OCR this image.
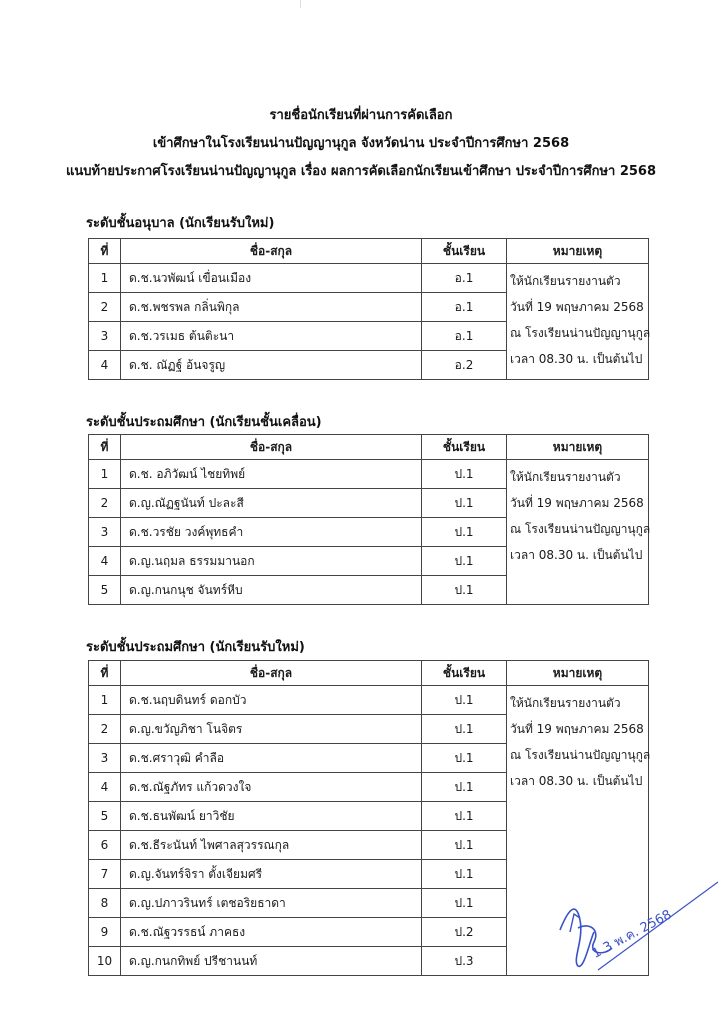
รายชื่อนักเรียนที่ผ่านการคัดเลือก
เข้าศึกษาในโรงเรียนน่านปัญญานุกูล จังหวัดน่าน ประจำปีการศึกษา 2568
แนบท้ายประกาศโรงเรียนน่านปัญญานุกูล เรื่อง ผลการคัดเลือกนักเรียนเข้าศึกษา ประจำปีการศึกษา 2568
ระดับชั้นอนุบาล (นักเรียนรับใหม่)
ที่	ชื่อ-สกุล	ชั้นเรียน	หมายเหตุ
1	ด.ช.นวพัฒน์ เขื่อนเมือง	อ.1	ให้นักเรียนรายงานตัว
วันที่ 19 พฤษภาคม 2568
ณ โรงเรียนน่านปัญญานุกูล
เวลา 08.30 น. เป็นต้นไป

2	ด.ช.พชรพล กลิ่นพิกุล	อ.1	
3	ด.ช.วรเมธ ต้นติะนา	อ.1	
4	ด.ช. ณัฏฐ์ อ้นจรูญ	อ.2	
ระดับชั้นประถมศึกษา (นักเรียนชั้นเคลื่อน)
ที่	ชื่อ-สกุล	ชั้นเรียน	หมายเหตุ
1	ด.ช. อภิวัฒน์ ไชยทิพย์	ป.1	ให้นักเรียนรายงานตัว
วันที่ 19 พฤษภาคม 2568
ณ โรงเรียนน่านปัญญานุกูล
เวลา 08.30 น. เป็นต้นไป

2	ด.ญ.ณัฏฐนันท์ ปะละสี	ป.1	
3	ด.ช.วรชัย วงค์พุทธคำ	ป.1	
4	ด.ญ.นฤมล ธรรมมานอก	ป.1	
5	ด.ญ.กนกนุช จันทร์หีบ	ป.1	
ระดับชั้นประถมศึกษา (นักเรียนรับใหม่)
ที่	ชื่อ-สกุล	ชั้นเรียน	หมายเหตุ
1	ด.ช.นฤบดินทร์ ดอกบัว	ป.1	ให้นักเรียนรายงานตัว
วันที่ 19 พฤษภาคม 2568
ณ โรงเรียนน่านปัญญานุกูล
เวลา 08.30 น. เป็นต้นไป

2	ด.ญ.ขวัญภิชา โนจิตร	ป.1	
3	ด.ช.ศราวุฒิ คำลือ	ป.1	
4	ด.ช.ณัฐภัทร แก้วดวงใจ	ป.1	
5	ด.ช.ธนพัฒน์ ยาวิชัย	ป.1	
6	ด.ช.ธีระนันท์ ไพศาลสุวรรณกุล	ป.1	
7	ด.ญ.จันทร์จิรา ตั้งเจียมศรี	ป.1	
8	ด.ญ.ปภาวรินทร์ เตชอริยธาดา	ป.1	
9	ด.ช.ณัฐวรรธน์ ภาคธง	ป.2	
10	ด.ญ.กนกทิพย์ ปรีชานนท์	ป.3		1 3 พ.ค. 2568
